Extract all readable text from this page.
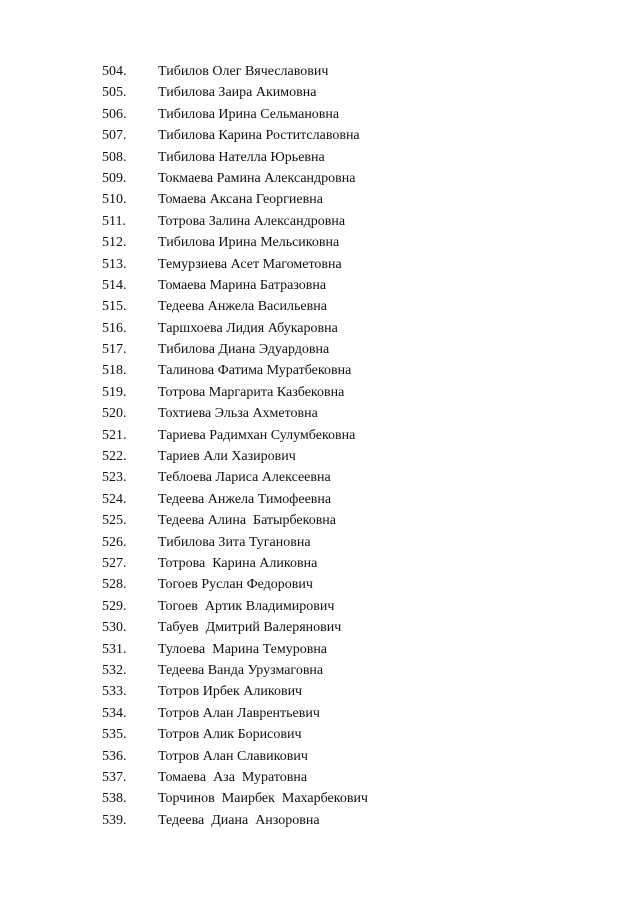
504.	Тибилов Олег Вячеславович
505.	Тибилова Заира Акимовна
506.	Тибилова Ирина Сельмановна
507.	Тибилова Карина Роститславовна
508.	Тибилова Нателла Юрьевна
509.	Токмаева Рамина Александровна
510.	Томаева Аксана Георгиевна
511.	Тотрова Залина Александровна
512.	Тибилова Ирина Мельсиковна
513.	Темурзиева Асет Магометовна
514.	Томаева Марина Батразовна
515.	Тедеева Анжела Васильевна
516.	Таршхоева Лидия Абукаровна
517.	Тибилова Диана Эдуардовна
518.	Талинова Фатима Муратбековна
519.	Тотрова Маргарита Казбековна
520.	Тохтиева Эльза Ахметовна
521.	Тариева Радимхан Сулумбековна
522.	Тариев Али Хазирович
523.	Теблоева Лариса Алексеевна
524.	Тедеева Анжела Тимофеевна
525.	Тедеева Алина  Батырбековна
526.	Тибилова Зита Тугановна
527.	Тотрова  Карина Аликовна
528.	Тогоев Руслан Федорович
529.	Тогоев  Артик Владимирович
530.	Табуев  Дмитрий Валерянович
531.	Тулоева  Марина Темуровна
532.	Тедеева Ванда Урузмаговна
533.	Тотров Ирбек Аликович
534.	Тотров Алан Лаврентьевич
535.	Тотров Алик Борисович
536.	Тотров Алан Славикович
537.	Томаева  Аза  Муратовна
538.	Торчинов  Маирбек  Махарбекович
539.	Тедеева  Диана  Анзоровна
